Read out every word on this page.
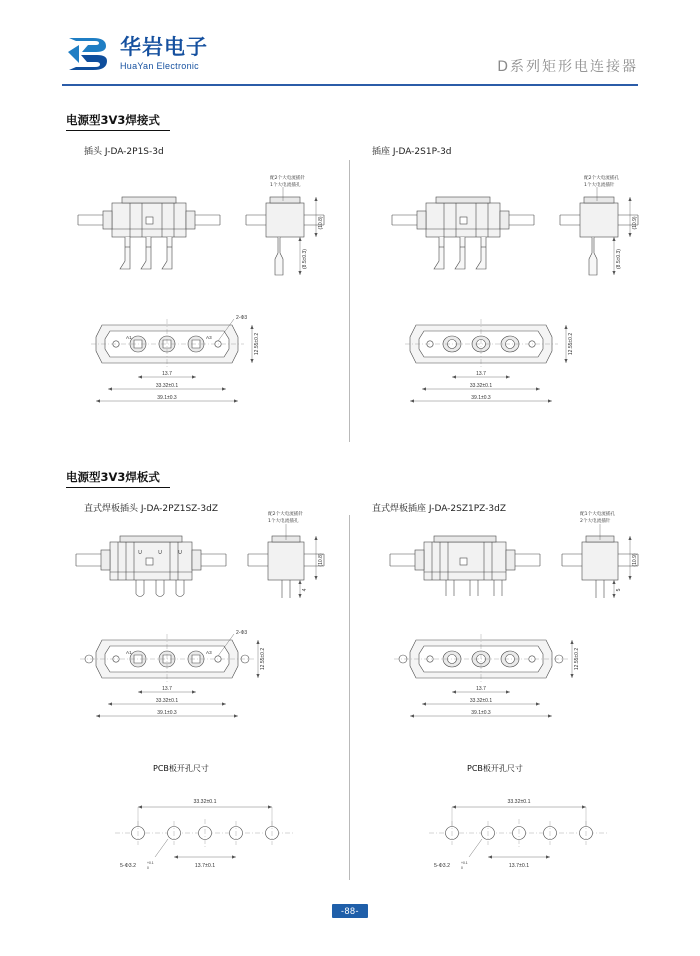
华岩电子
HuaYan Electronic	D系列矩形电连接器
电源型3V3焊接式
插头 J-DA-2P1S-3d	插座 J-DA-2S1P-3d
(10.8)
(8.5±0.3)
配2个大电流插针
1个大电流插孔
A1	A3
2-Φ3
13.7
33.32±0.1
39.1±0.3
12.55±0.2
(10.9)
(8.5±0.3)
配2个大电流插孔
1个大电流插针
13.7
33.32±0.1
39.1±0.3
12.55±0.2
电源型3V3焊板式
直式焊板插头 J-DA-2PZ1SZ-3dZ	直式焊板插座 J-DA-2SZ1PZ-3dZ
U	U	U
(10.8)
4
配2个大电流插针
1个大电流插孔
A1	A3
2-Φ3
13.7
33.32±0.1
39.1±0.3
12.55±0.2
PCB板开孔尺寸
33.32±0.1
13.7±0.1
5-Φ3.2	+0.1
0
(10.9)
5
配1个大电流插孔
2个大电流插针
13.7
33.32±0.1
39.1±0.3
12.55±0.2
PCB板开孔尺寸
33.32±0.1
13.7±0.1
5-Φ3.2	+0.1
0
-88-
